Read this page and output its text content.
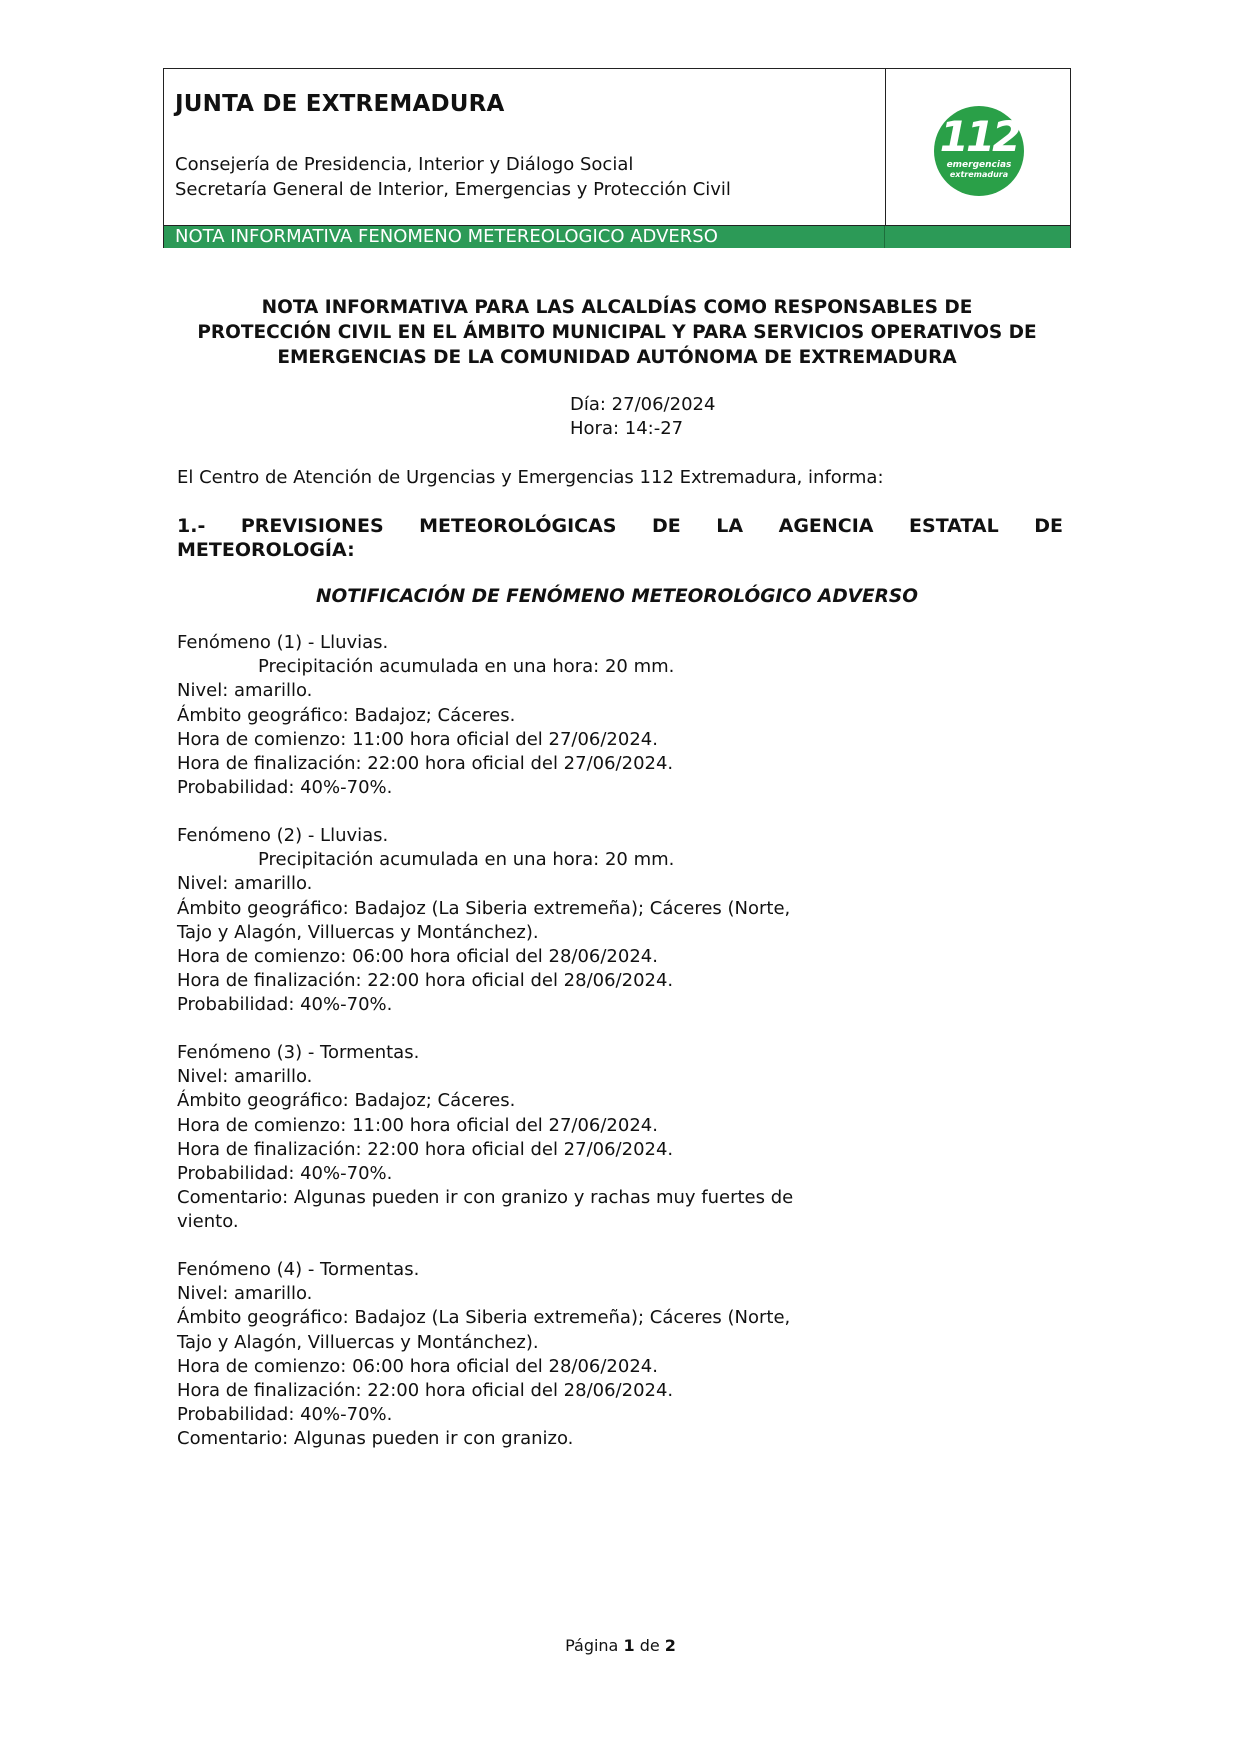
JUNTA DE EXTREMADURA
Consejería de Presidencia, Interior y Diálogo Social
Secretaría General de Interior, Emergencias y Protección Civil
112
emergencias
extremadura
NOTA INFORMATIVA FENOMENO METEREOLOGICO ADVERSO
NOTA INFORMATIVA PARA LAS ALCALDÍAS COMO RESPONSABLES DE
PROTECCIÓN CIVIL EN EL ÁMBITO MUNICIPAL Y PARA SERVICIOS OPERATIVOS DE
EMERGENCIAS DE LA COMUNIDAD AUTÓNOMA DE EXTREMADURA
Día: 27/06/2024
Hora: 14:-27
El Centro de Atención de Urgencias y Emergencias 112 Extremadura, informa:
1.- PREVISIONES METEOROLÓGICAS DE LA AGENCIA ESTATAL DE
METEOROLOGÍA:
NOTIFICACIÓN DE FENÓMENO METEOROLÓGICO ADVERSO
Fenómeno (1) - Lluvias.
Precipitación acumulada en una hora: 20 mm.
Nivel: amarillo.
Ámbito geográfico: Badajoz; Cáceres.
Hora de comienzo: 11:00 hora oficial del 27/06/2024.
Hora de finalización: 22:00 hora oficial del 27/06/2024.
Probabilidad: 40%-70%.
Fenómeno (2) - Lluvias.
Precipitación acumulada en una hora: 20 mm.
Nivel: amarillo.
Ámbito geográfico: Badajoz (La Siberia extremeña); Cáceres (Norte,
Tajo y Alagón, Villuercas y Montánchez).
Hora de comienzo: 06:00 hora oficial del 28/06/2024.
Hora de finalización: 22:00 hora oficial del 28/06/2024.
Probabilidad: 40%-70%.
Fenómeno (3) - Tormentas.
Nivel: amarillo.
Ámbito geográfico: Badajoz; Cáceres.
Hora de comienzo: 11:00 hora oficial del 27/06/2024.
Hora de finalización: 22:00 hora oficial del 27/06/2024.
Probabilidad: 40%-70%.
Comentario: Algunas pueden ir con granizo y rachas muy fuertes de
viento.
Fenómeno (4) - Tormentas.
Nivel: amarillo.
Ámbito geográfico: Badajoz (La Siberia extremeña); Cáceres (Norte,
Tajo y Alagón, Villuercas y Montánchez).
Hora de comienzo: 06:00 hora oficial del 28/06/2024.
Hora de finalización: 22:00 hora oficial del 28/06/2024.
Probabilidad: 40%-70%.
Comentario: Algunas pueden ir con granizo.
Página 1 de 2
